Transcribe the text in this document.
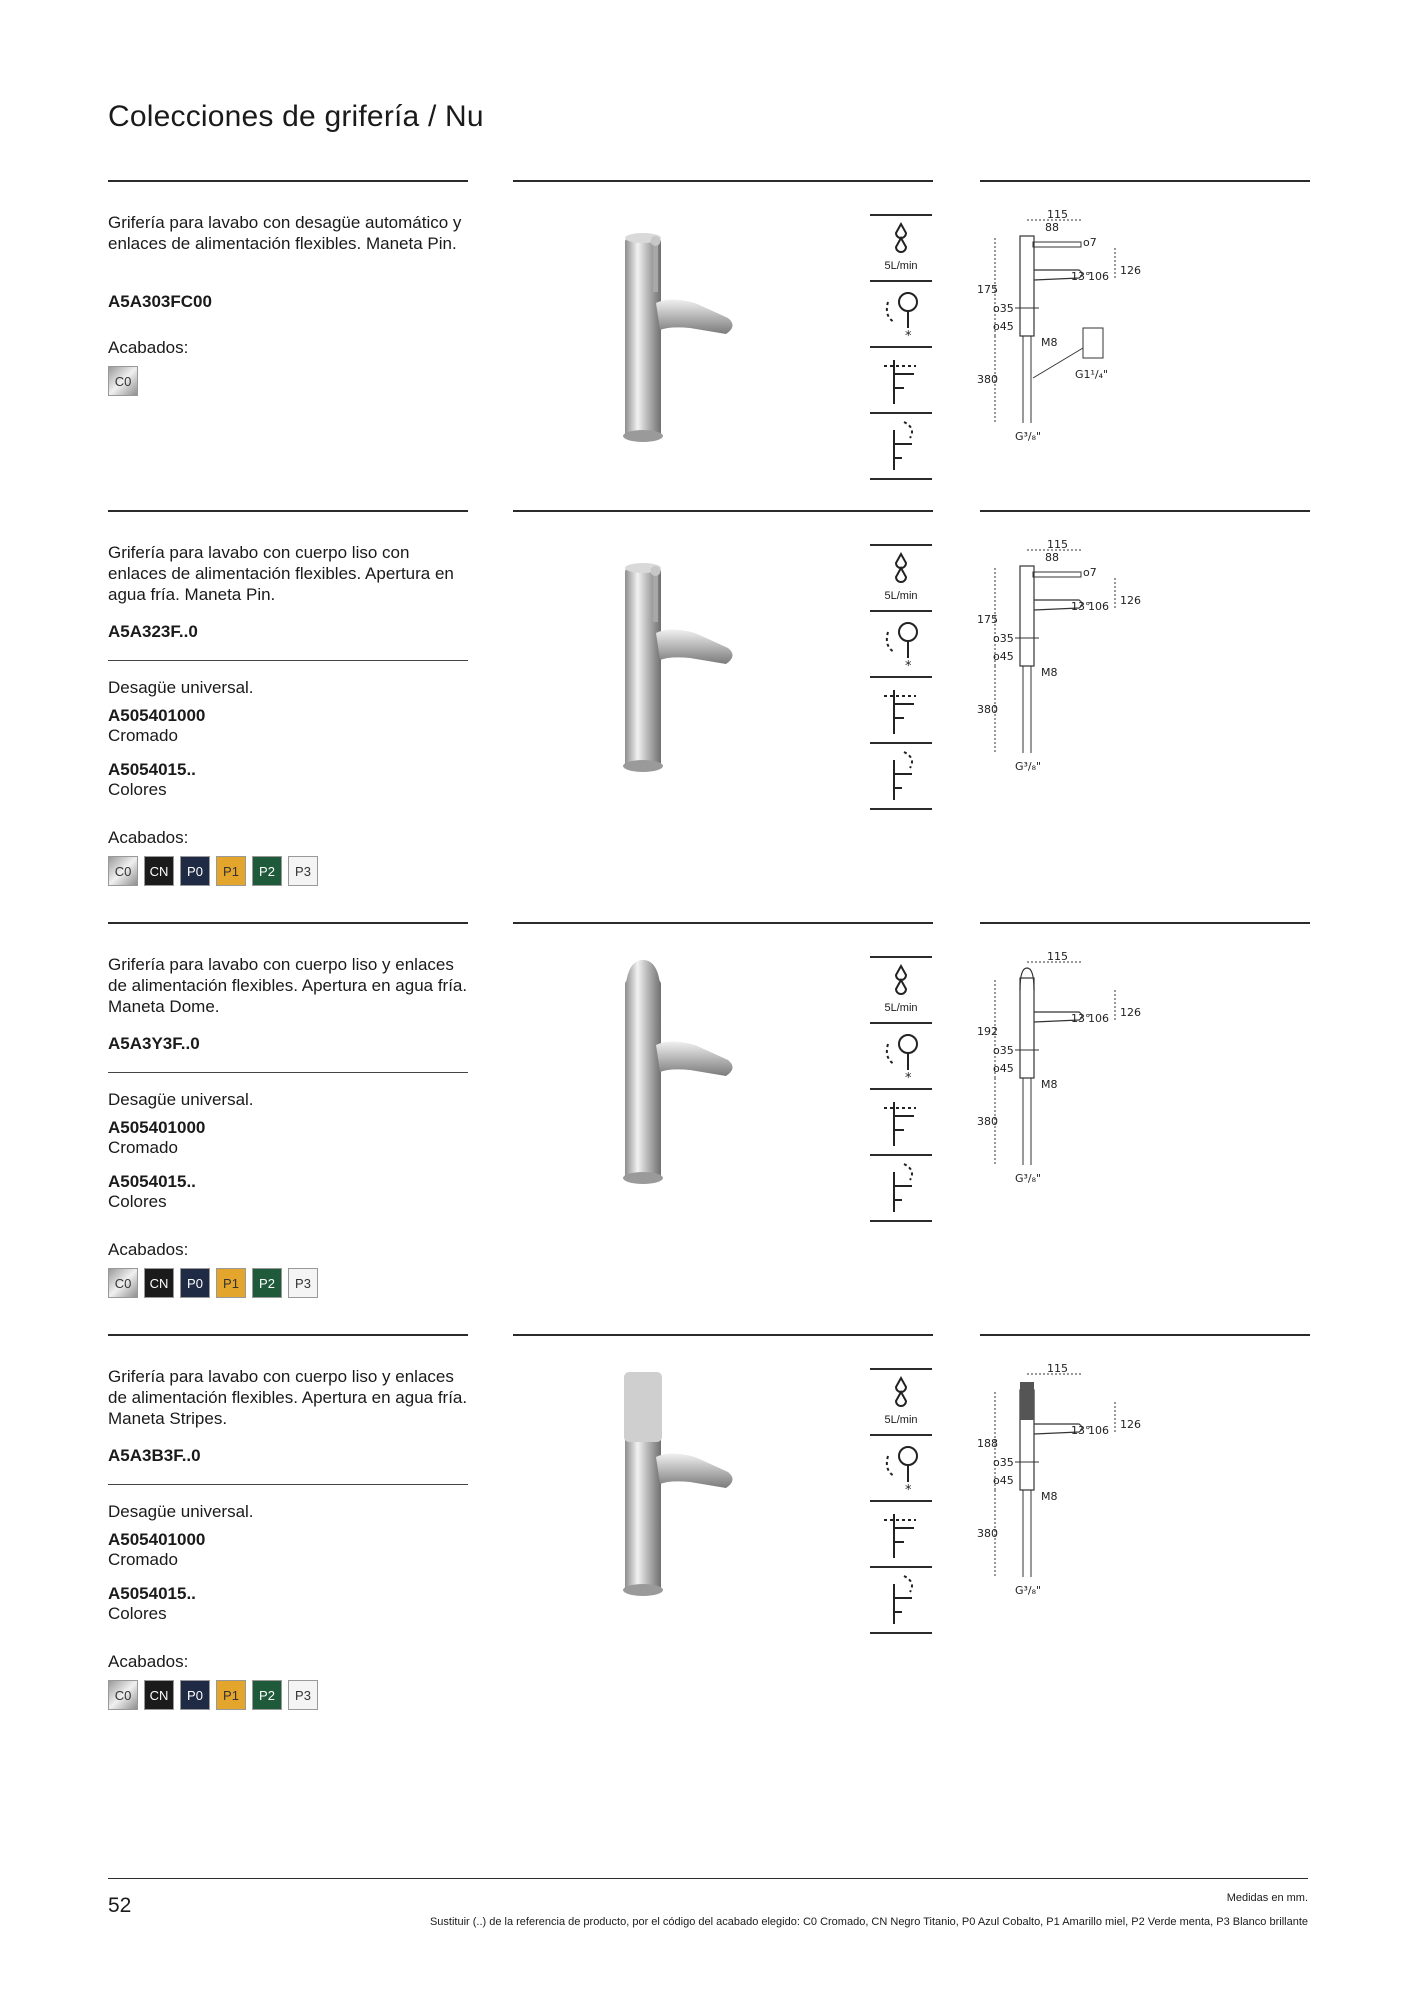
Colecciones de grifería / Nu
Grifería para lavabo con desagüe automático y enlaces de alimentación flexibles. Maneta Pin.
A5A303FC00
Acabados:
C0
5L/min
*
175
380
115
88
13°
106 126
o7
o35
o45
M8
G³/₈"
G1¹/₄"
Grifería para lavabo con cuerpo liso con enlaces de alimentación flexibles. Apertura en agua fría. Maneta Pin.
A5A323F..0
Desagüe universal.
A505401000
Cromado
A5054015..
Colores
Acabados:
C0	CN	P0	P1	P2	P3
5L/min
*
175
380
115
88
13°
106 126
o7
o35
o45
M8
G³/₈"
Grifería para lavabo con cuerpo liso y enlaces de alimentación flexibles. Apertura en agua fría. Maneta Dome.
A5A3Y3F..0
Desagüe universal.
A505401000
Cromado
A5054015..
Colores
Acabados:
C0	CN	P0	P1	P2	P3
5L/min
*
192
380
115
13°
106 126
o35
o45
M8
G³/₈"
Grifería para lavabo con cuerpo liso y enlaces de alimentación flexibles. Apertura en agua fría. Maneta Stripes.
A5A3B3F..0
Desagüe universal.
A505401000
Cromado
A5054015..
Colores
Acabados:
C0	CN	P0	P1	P2	P3
5L/min
*
188
380
115
13°
106 126
o35
o45
M8
G³/₈"
52	Medidas en mm.
Sustituir (..) de la referencia de producto, por el código del acabado elegido: C0 Cromado, CN Negro Titanio, P0 Azul Cobalto, P1 Amarillo miel, P2 Verde menta, P3 Blanco brillante
